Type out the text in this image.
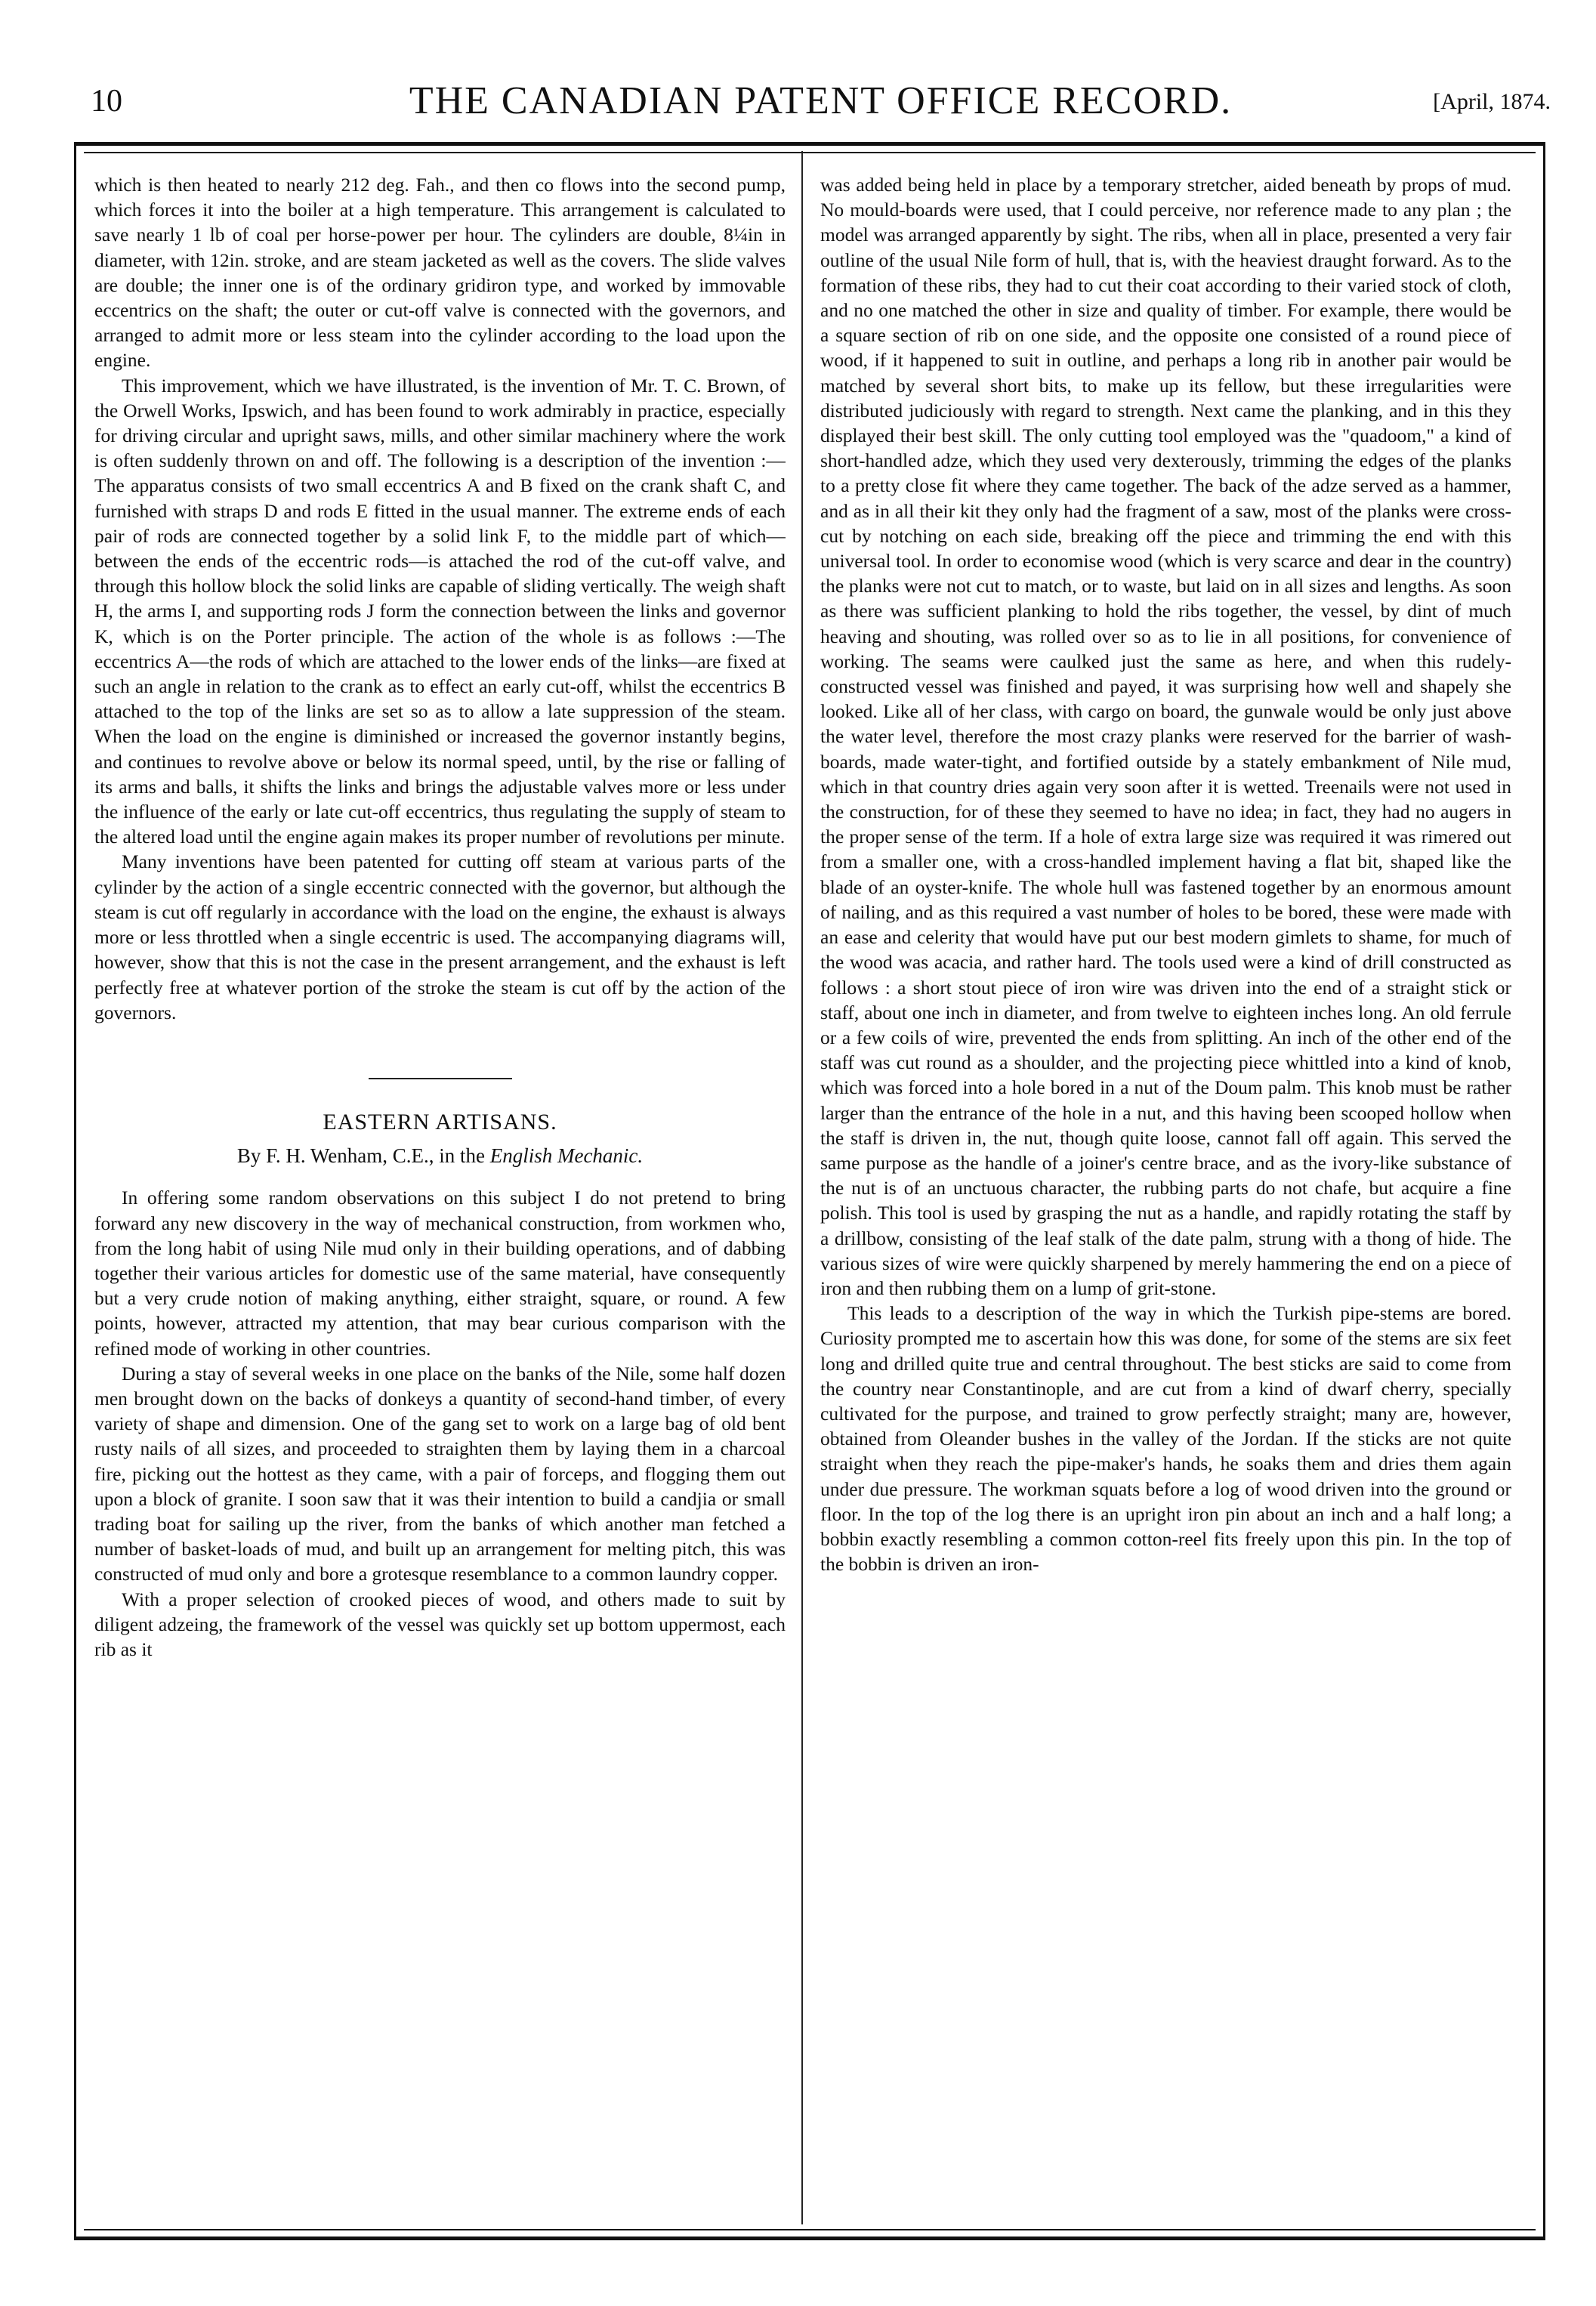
10	THE CANADIAN PATENT OFFICE RECORD.	[April, 1874.

which is then heated to nearly 212 deg. Fah., and then co flows into the second pump, which forces it into the boiler at a high temperature. This arrangement is calculated to save nearly 1 lb of coal per horse-power per hour. The cylinders are double, 8¼in in diameter, with 12in. stroke, and are steam jacketed as well as the covers. The slide valves are double; the inner one is of the ordinary gridiron type, and worked by immovable eccentrics on the shaft; the outer or cut-off valve is connected with the governors, and arranged to admit more or less steam into the cylinder according to the load upon the engine.

This improvement, which we have illustrated, is the invention of Mr. T. C. Brown, of the Orwell Works, Ipswich, and has been found to work admirably in practice, especially for driving circular and upright saws, mills, and other similar machinery where the work is often suddenly thrown on and off. The following is a description of the invention :—The apparatus consists of two small eccentrics A and B fixed on the crank shaft C, and furnished with straps D and rods E fitted in the usual manner. The extreme ends of each pair of rods are connected together by a solid link F, to the middle part of which—between the ends of the eccentric rods—is attached the rod of the cut-off valve, and through this hollow block the solid links are capable of sliding vertically. The weigh shaft H, the arms I, and supporting rods J form the connection between the links and governor K, which is on the Porter principle. The action of the whole is as follows :—The eccentrics A—the rods of which are attached to the lower ends of the links—are fixed at such an angle in relation to the crank as to effect an early cut-off, whilst the eccentrics B attached to the top of the links are set so as to allow a late suppression of the steam. When the load on the engine is diminished or increased the governor instantly begins, and continues to revolve above or below its normal speed, until, by the rise or falling of its arms and balls, it shifts the links and brings the adjustable valves more or less under the influence of the early or late cut-off eccentrics, thus regulating the supply of steam to the altered load until the engine again makes its proper number of revolutions per minute.

Many inventions have been patented for cutting off steam at various parts of the cylinder by the action of a single eccentric connected with the governor, but although the steam is cut off regularly in accordance with the load on the engine, the exhaust is always more or less throttled when a single eccentric is used. The accompanying diagrams will, however, show that this is not the case in the present arrangement, and the exhaust is left perfectly free at whatever portion of the stroke the steam is cut off by the action of the governors.

EASTERN ARTISANS.
By F. H. Wenham, C.E., in the English Mechanic.

In offering some random observations on this subject I do not pretend to bring forward any new discovery in the way of mechanical construction, from workmen who, from the long habit of using Nile mud only in their building operations, and of dabbing together their various articles for domestic use of the same material, have consequently but a very crude notion of making anything, either straight, square, or round. A few points, however, attracted my attention, that may bear curious comparison with the refined mode of working in other countries.

During a stay of several weeks in one place on the banks of the Nile, some half dozen men brought down on the backs of donkeys a quantity of second-hand timber, of every variety of shape and dimension. One of the gang set to work on a large bag of old bent rusty nails of all sizes, and proceeded to straighten them by laying them in a charcoal fire, picking out the hottest as they came, with a pair of forceps, and flogging them out upon a block of granite. I soon saw that it was their intention to build a candjia or small trading boat for sailing up the river, from the banks of which another man fetched a number of basket-loads of mud, and built up an arrangement for melting pitch, this was constructed of mud only and bore a grotesque resemblance to a common laundry copper.

With a proper selection of crooked pieces of wood, and others made to suit by diligent adzeing, the framework of the vessel was quickly set up bottom uppermost, each rib as it

was added being held in place by a temporary stretcher, aided beneath by props of mud. No mould-boards were used, that I could perceive, nor reference made to any plan ; the model was arranged apparently by sight. The ribs, when all in place, presented a very fair outline of the usual Nile form of hull, that is, with the heaviest draught forward. As to the formation of these ribs, they had to cut their coat according to their varied stock of cloth, and no one matched the other in size and quality of timber. For example, there would be a square section of rib on one side, and the opposite one consisted of a round piece of wood, if it happened to suit in outline, and perhaps a long rib in another pair would be matched by several short bits, to make up its fellow, but these irregularities were distributed judiciously with regard to strength. Next came the planking, and in this they displayed their best skill. The only cutting tool employed was the "quadoom," a kind of short-handled adze, which they used very dexterously, trimming the edges of the planks to a pretty close fit where they came together. The back of the adze served as a hammer, and as in all their kit they only had the fragment of a saw, most of the planks were cross-cut by notching on each side, breaking off the piece and trimming the end with this universal tool. In order to economise wood (which is very scarce and dear in the country) the planks were not cut to match, or to waste, but laid on in all sizes and lengths. As soon as there was sufficient planking to hold the ribs together, the vessel, by dint of much heaving and shouting, was rolled over so as to lie in all positions, for convenience of working. The seams were caulked just the same as here, and when this rudely-constructed vessel was finished and payed, it was surprising how well and shapely she looked. Like all of her class, with cargo on board, the gunwale would be only just above the water level, therefore the most crazy planks were reserved for the barrier of wash-boards, made water-tight, and fortified outside by a stately embankment of Nile mud, which in that country dries again very soon after it is wetted. Treenails were not used in the construction, for of these they seemed to have no idea; in fact, they had no augers in the proper sense of the term. If a hole of extra large size was required it was rimered out from a smaller one, with a cross-handled implement having a flat bit, shaped like the blade of an oyster-knife. The whole hull was fastened together by an enormous amount of nailing, and as this required a vast number of holes to be bored, these were made with an ease and celerity that would have put our best modern gimlets to shame, for much of the wood was acacia, and rather hard. The tools used were a kind of drill constructed as follows : a short stout piece of iron wire was driven into the end of a straight stick or staff, about one inch in diameter, and from twelve to eighteen inches long. An old ferrule or a few coils of wire, prevented the ends from splitting. An inch of the other end of the staff was cut round as a shoulder, and the projecting piece whittled into a kind of knob, which was forced into a hole bored in a nut of the Doum palm. This knob must be rather larger than the entrance of the hole in a nut, and this having been scooped hollow when the staff is driven in, the nut, though quite loose, cannot fall off again. This served the same purpose as the handle of a joiner's centre brace, and as the ivory-like substance of the nut is of an unctuous character, the rubbing parts do not chafe, but acquire a fine polish. This tool is used by grasping the nut as a handle, and rapidly rotating the staff by a drillbow, consisting of the leaf stalk of the date palm, strung with a thong of hide. The various sizes of wire were quickly sharpened by merely hammering the end on a piece of iron and then rubbing them on a lump of grit-stone.

This leads to a description of the way in which the Turkish pipe-stems are bored. Curiosity prompted me to ascertain how this was done, for some of the stems are six feet long and drilled quite true and central throughout. The best sticks are said to come from the country near Constantinople, and are cut from a kind of dwarf cherry, specially cultivated for the purpose, and trained to grow perfectly straight; many are, however, obtained from Oleander bushes in the valley of the Jordan. If the sticks are not quite straight when they reach the pipe-maker's hands, he soaks them and dries them again under due pressure. The workman squats before a log of wood driven into the ground or floor. In the top of the log there is an upright iron pin about an inch and a half long; a bobbin exactly resembling a common cotton-reel fits freely upon this pin. In the top of the bobbin is driven an iron-
